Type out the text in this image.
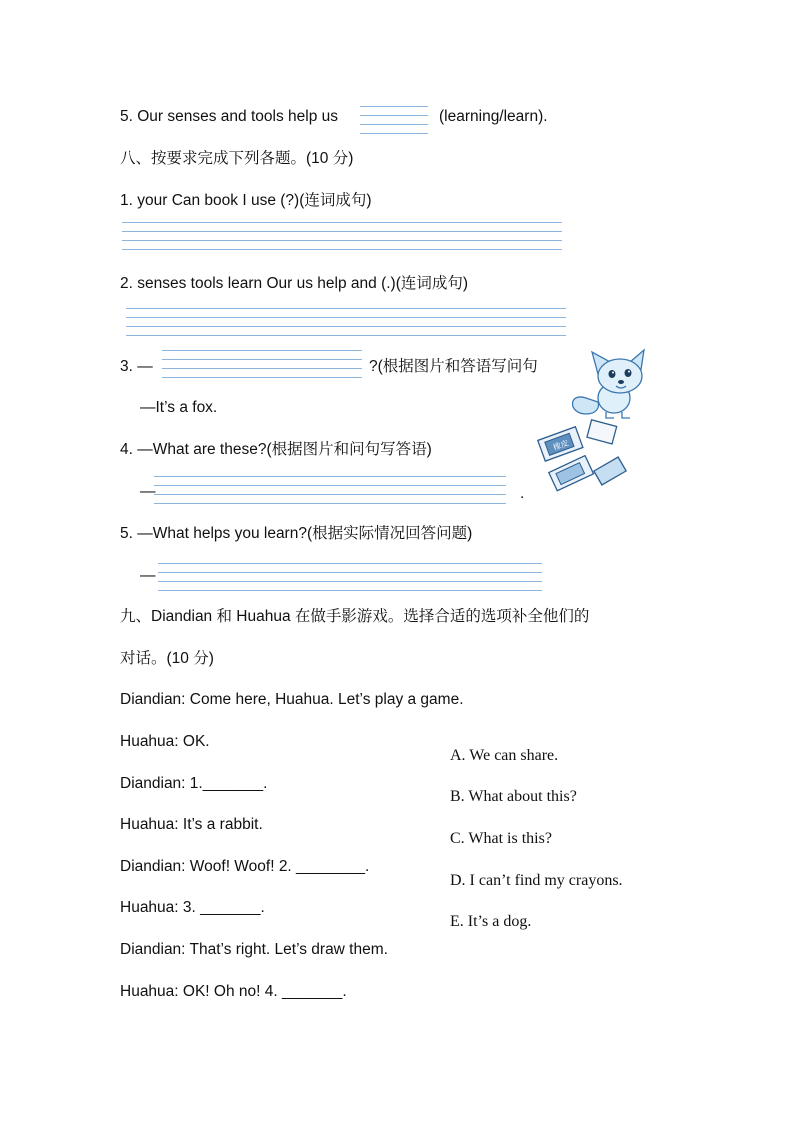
5. Our senses and tools help us	(learning/learn).
八、按要求完成下列各题。(10 分)
1. your Can book I use (?)(连词成句)
2. senses tools learn Our us help and (.)(连词成句)
3. —	?(根据图片和答语写问句
—It’s a fox.
4. —What are these?(根据图片和问句写答语)
—	.
橡皮
5. —What helps you learn?(根据实际情况回答问题)
—
九、Diandian 和 Huahua 在做手影游戏。选择合适的选项补全他们的
对话。(10 分)
Diandian: Come here, Huahua. Let’s play a game.
Huahua: OK.
Diandian: 1._______.
Huahua: It’s a rabbit.
Diandian: Woof! Woof! 2. ________.
Huahua: 3. _______.
Diandian: That’s right. Let’s draw them.
Huahua: OK! Oh no! 4. _______.
A. We can share.
B. What about this?
C. What is this?
D. I can’t find my crayons.
E. It’s a dog.
